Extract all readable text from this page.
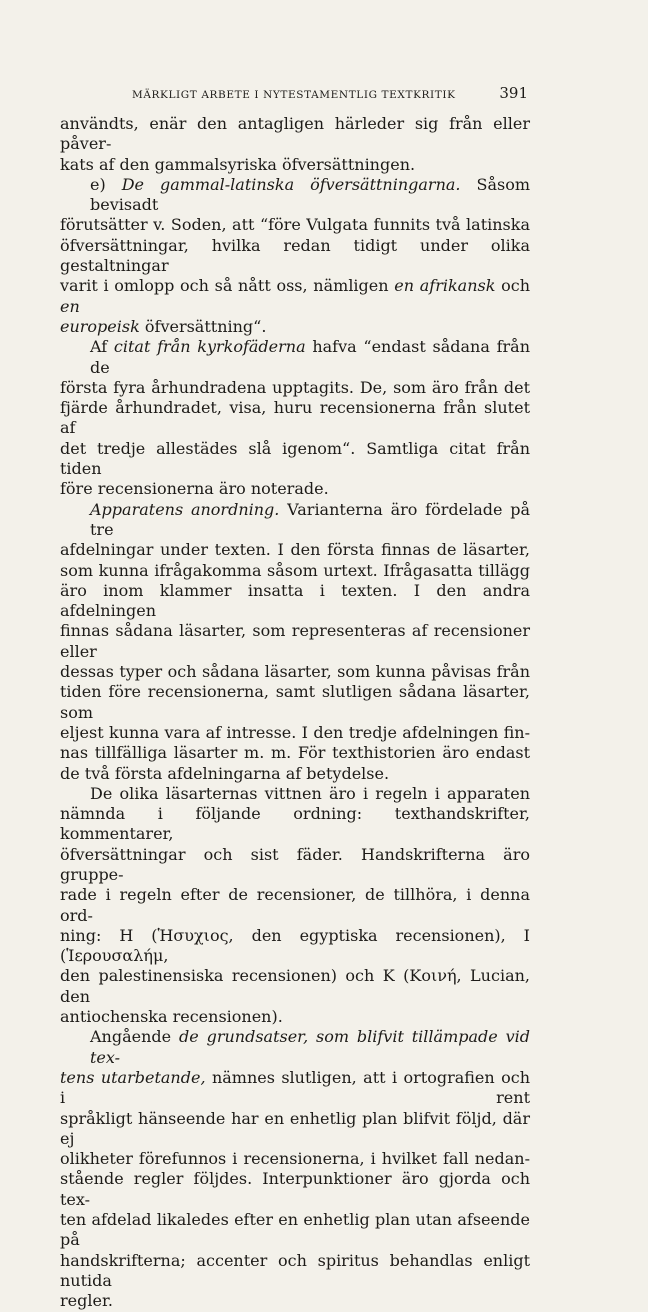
MÄRKLIGT ARBETE I NYTESTAMENTLIG TEXTKRITIK	391

användts, enär den antagligen härleder sig från eller påver-
kats af den gammalsyriska öfversättningen.

e) De gammal-latinska öfversättningarna. Såsom bevisadt
förutsätter v. Soden, att “före Vulgata funnits två latinska
öfversättningar, hvilka redan tidigt under olika gestaltningar
varit i omlopp och så nått oss, nämligen en afrikansk och en
europeisk öfversättning“.

Af citat från kyrkofäderna hafva “endast sådana från de
första fyra århundradena upptagits. De, som äro från det
fjärde århundradet, visa, huru recensionerna från slutet af
det tredje allestädes slå igenom“. Samtliga citat från tiden
före recensionerna äro noterade.

Apparatens anordning. Varianterna äro fördelade på tre
afdelningar under texten. I den första finnas de läsarter,
som kunna ifrågakomma såsom urtext. Ifrågasatta tillägg
äro inom klammer insatta i texten. I den andra afdelningen
finnas sådana läsarter, som representeras af recensioner eller
dessas typer och sådana läsarter, som kunna påvisas från
tiden före recensionerna, samt slutligen sådana läsarter, som
eljest kunna vara af intresse. I den tredje afdelningen fin-
nas tillfälliga läsarter m. m. För texthistorien äro endast
de två första afdelningarna af betydelse.

De olika läsarternas vittnen äro i regeln i apparaten
nämnda i följande ordning: texthandskrifter, kommentarer,
öfversättningar och sist fäder. Handskrifterna äro gruppe-
rade i regeln efter de recensioner, de tillhöra, i denna ord-
ning: H (Ἡσυχιος, den egyptiska recensionen), I (Ἱερουσαλήμ,
den palestinensiska recensionen) och K (Κοινή, Lucian, den
antiochenska recensionen).

Angående de grundsatser, som blifvit tillämpade vid tex-
tens utarbetande, nämnes slutligen, att i ortografien och i rent
språkligt hänseende har en enhetlig plan blifvit följd, där ej
olikheter förefunnos i recensionerna, i hvilket fall nedan-
stående regler följdes. Interpunktioner äro gjorda och tex-
ten afdelad likaledes efter en enhetlig plan utan afseende på
handskrifterna; accenter och spiritus behandlas enligt nutida
regler.
